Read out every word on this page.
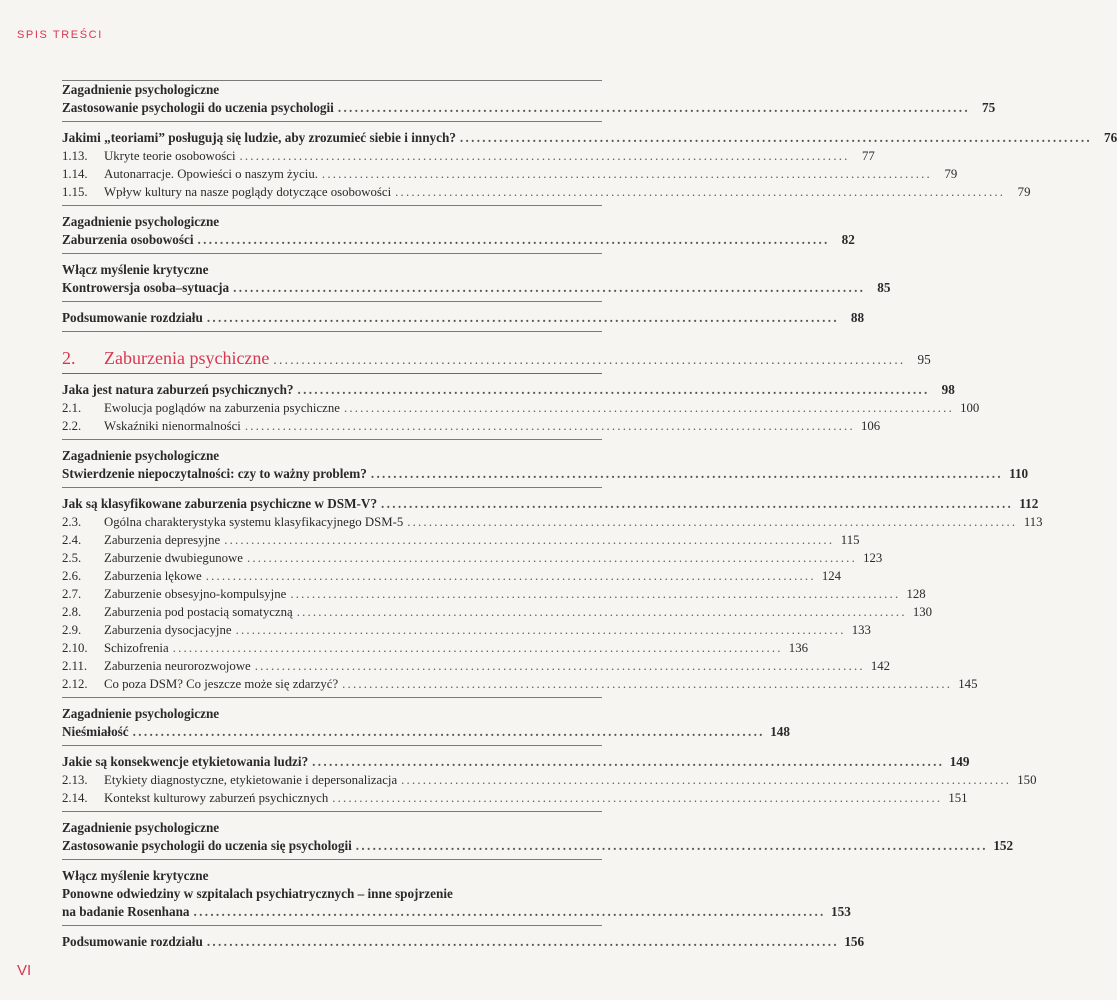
SPIS TREŚCI
Zagadnienie psychologiczne
Zastosowanie psychologii do uczenia psychologii . . .	75
Jakimi „teoriami” posługują się ludzie, aby zrozumieć siebie i innych? . . .	76
1.13.	Ukryte teorie osobowości . . .	77
1.14.	Autonarracje. Opowieści o naszym życiu. . . .	79
1.15.	Wpływ kultury na nasze poglądy dotyczące osobowości . . .	79
Zagadnienie psychologiczne
Zaburzenia osobowości . . .	82
Włącz myślenie krytyczne
Kontrowersja osoba–sytuacja . . .	85
Podsumowanie rozdziału . . .	88
2.	Zaburzenia psychiczne . . .	95
Jaka jest natura zaburzeń psychicznych? . . .	98
2.1.	Ewolucja poglądów na zaburzenia psychiczne . . .	100
2.2.	Wskaźniki nienormalności . . .	106
Zagadnienie psychologiczne
Stwierdzenie niepoczytalności: czy to ważny problem? . . .	110
Jak są klasyfikowane zaburzenia psychiczne w DSM-V? . . .	112
2.3.	Ogólna charakterystyka systemu klasyfikacyjnego DSM-5 . . .	113
2.4.	Zaburzenia depresyjne . . .	115
2.5.	Zaburzenie dwubiegunowe . . .	123
2.6.	Zaburzenia lękowe . . .	124
2.7.	Zaburzenie obsesyjno-kompulsyjne . . .	128
2.8.	Zaburzenia pod postacią somatyczną . . .	130
2.9.	Zaburzenia dysocjacyjne . . .	133
2.10.	Schizofrenia . . .	136
2.11.	Zaburzenia neurorozwojowe . . .	142
2.12.	Co poza DSM? Co jeszcze może się zdarzyć? . . .	145
Zagadnienie psychologiczne
Nieśmiałość . . .	148
Jakie są konsekwencje etykietowania ludzi? . . .	149
2.13.	Etykiety diagnostyczne, etykietowanie i depersonalizacja . . .	150
2.14.	Kontekst kulturowy zaburzeń psychicznych . . .	151
Zagadnienie psychologiczne
Zastosowanie psychologii do uczenia się psychologii . . .	152
Włącz myślenie krytyczne
Ponowne odwiedziny w szpitalach psychiatrycznych – inne spojrzenie
na badanie Rosenhana . . .	153
Podsumowanie rozdziału . . .	156
VI
